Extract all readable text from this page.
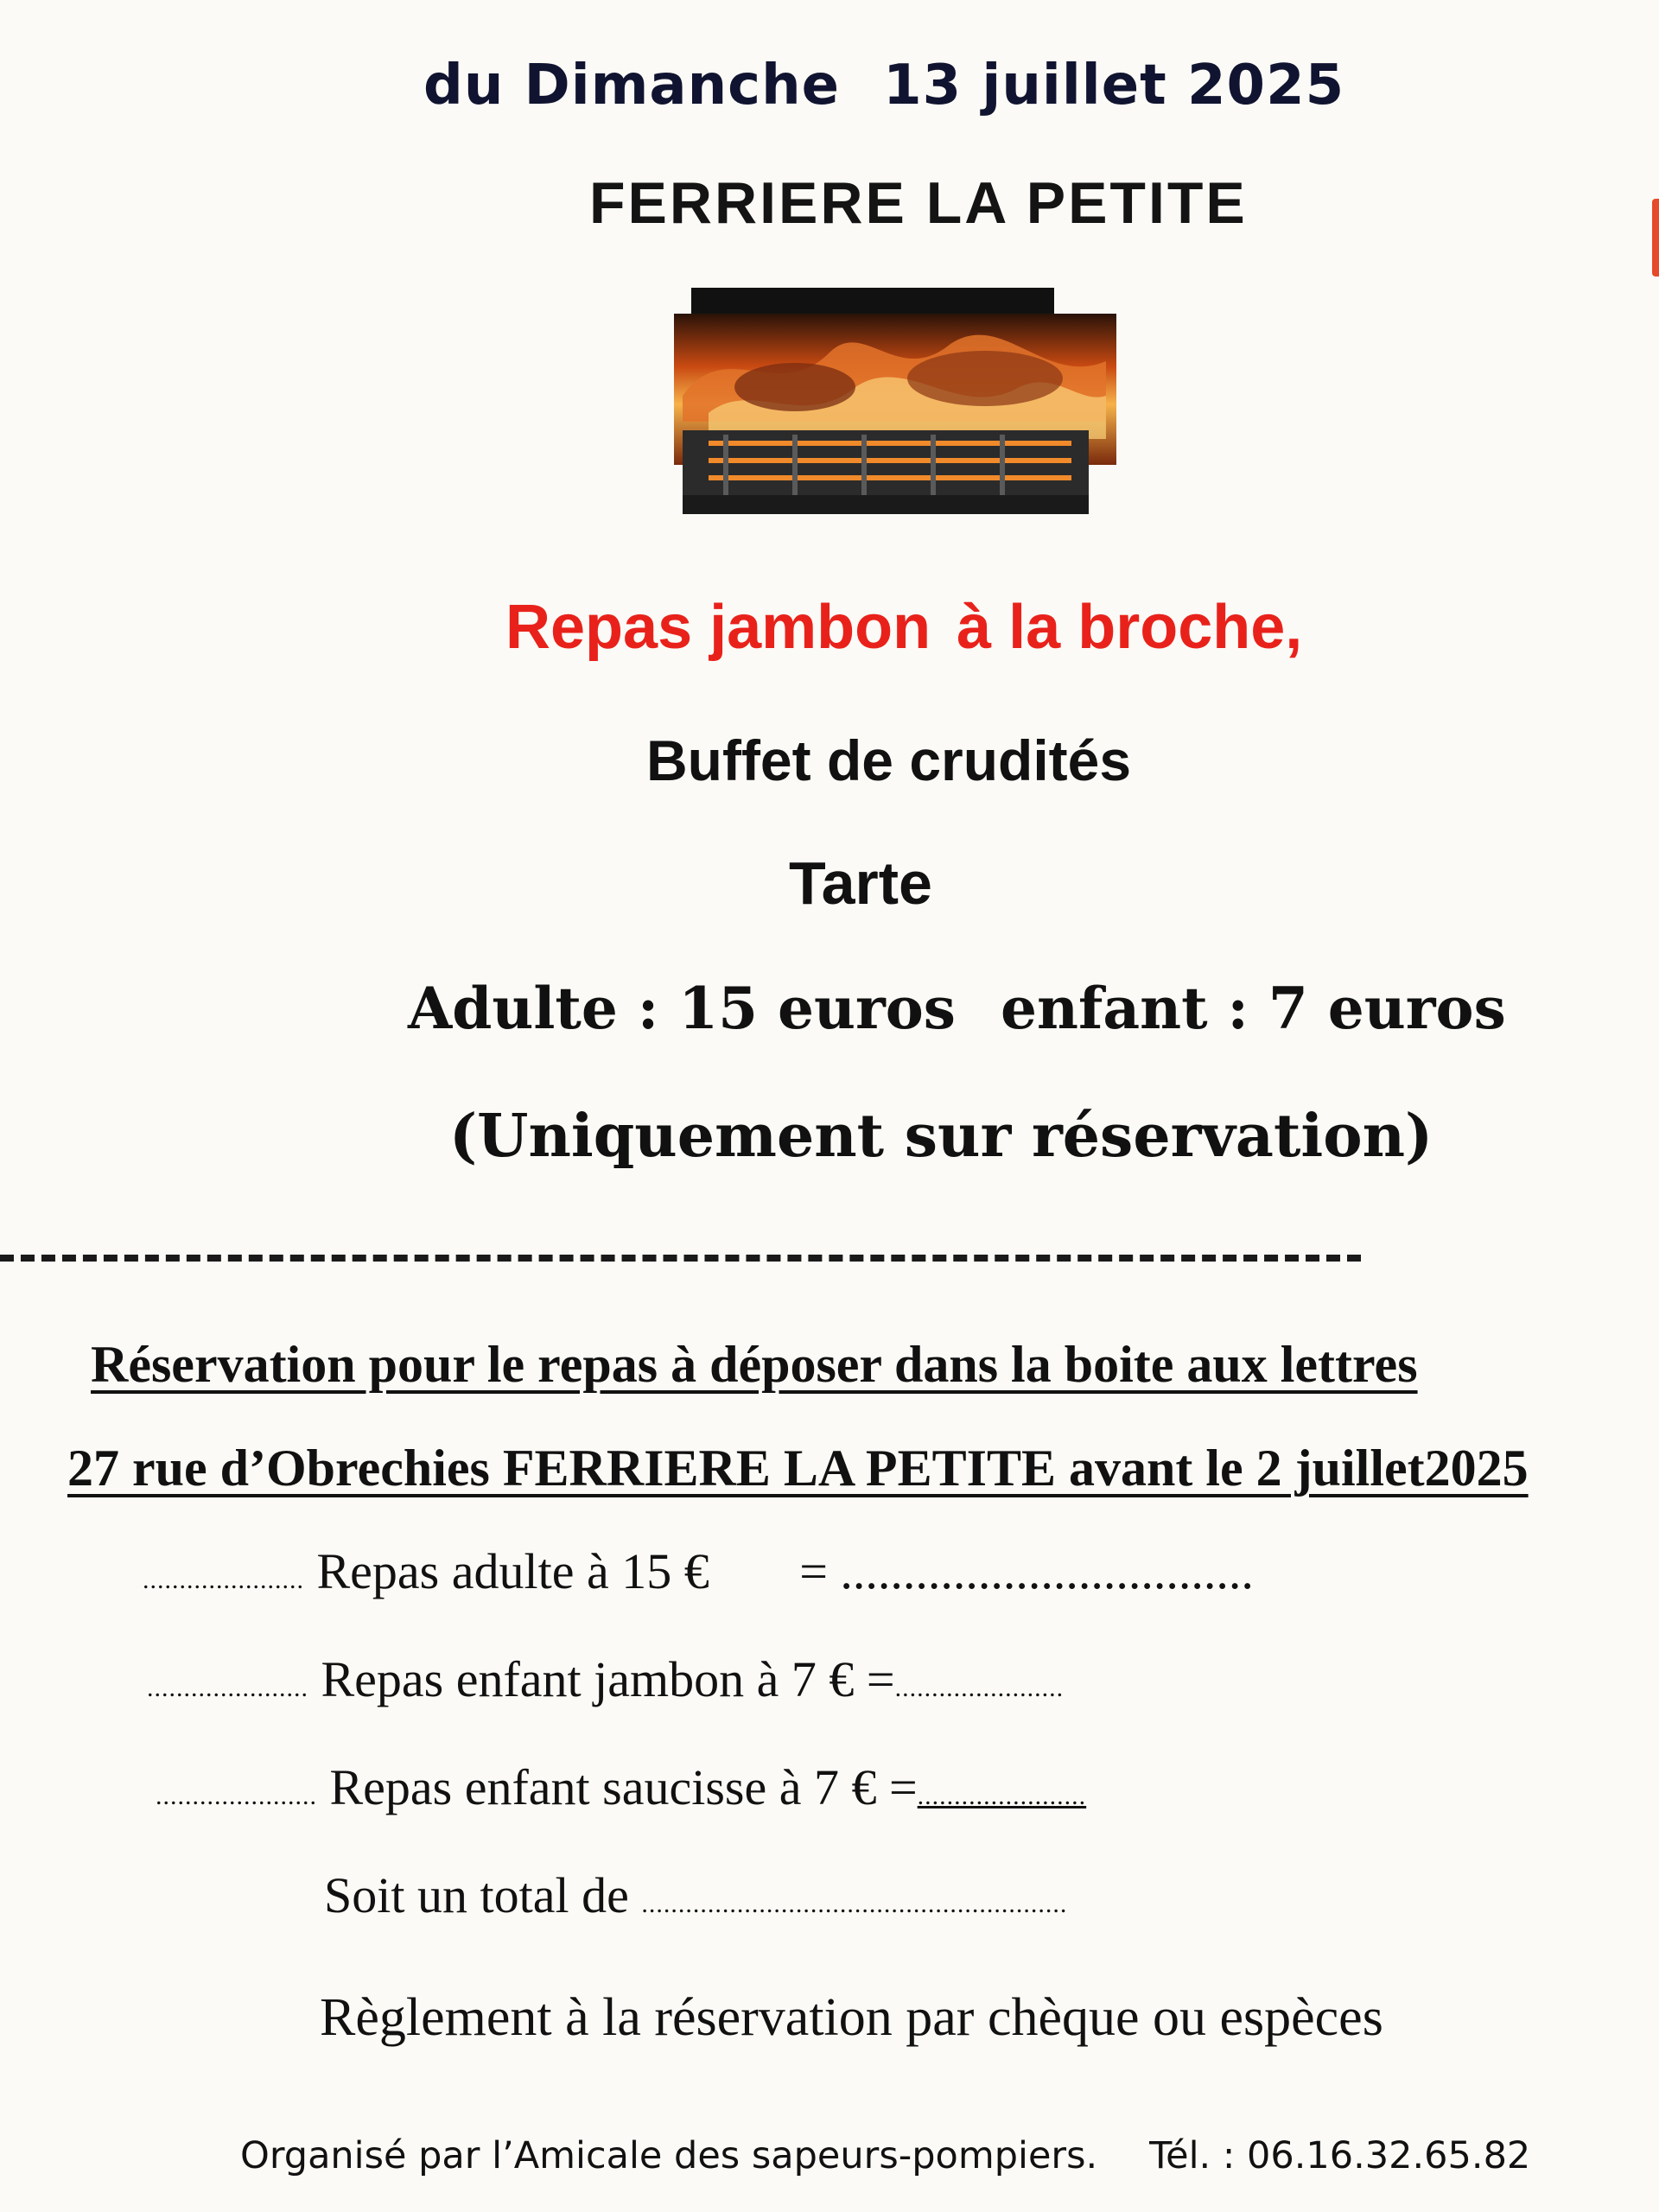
du Dimanche 13 juillet 2025
FERRIERE LA PETITE
Repas jambon à la broche,
Buffet de crudités
Tarte
Adulte : 15 euros enfant : 7 euros
(Uniquement sur réservation)
Réservation pour le repas à déposer dans la boite aux lettres
27 rue d’Obrechies FERRIERE LA PETITE avant le 2 juillet2025
...................... Repas adulte à 15 € = .................................
...................... Repas enfant jambon à 7 € =.......................
...................... Repas enfant saucisse à 7 € =.......................
Soit un total de ..........................................................
Règlement à la réservation par chèque ou espèces
Organisé par l’Amicale des sapeurs-pompiers. Tél. : 06.16.32.65.82
